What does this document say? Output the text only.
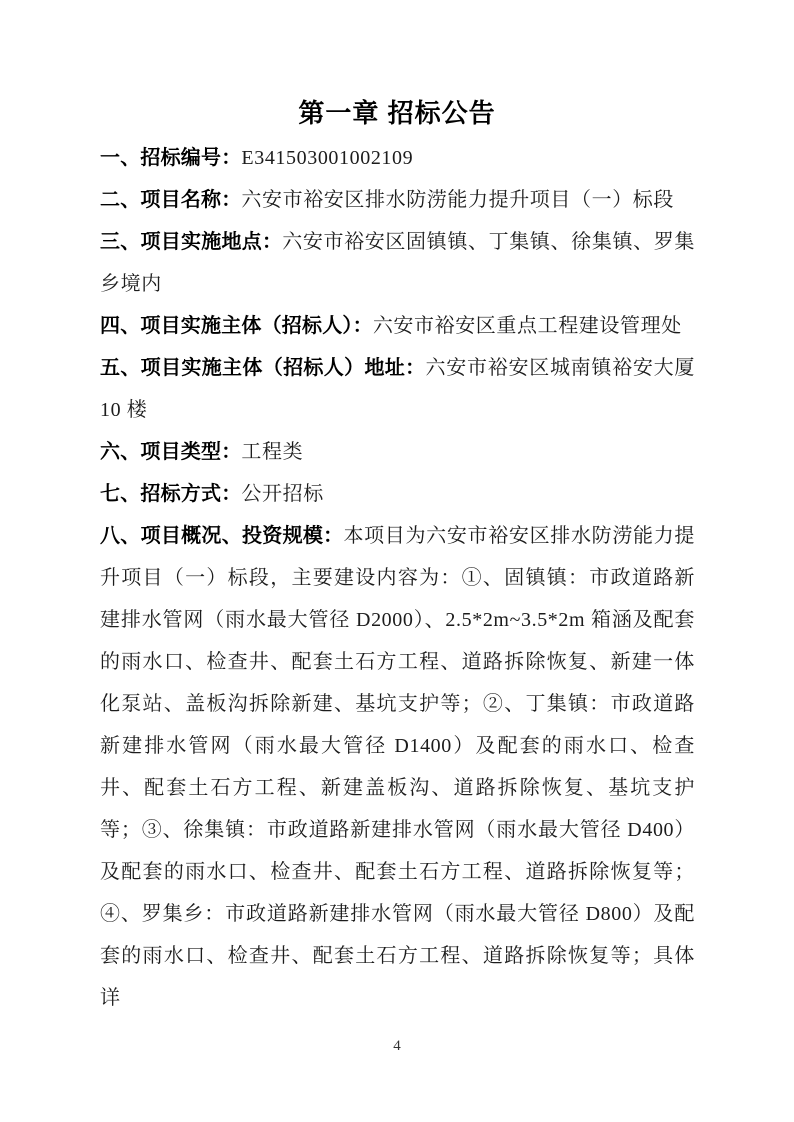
第一章 招标公告

一、招标编号：E341503001002109

二、项目名称：六安市裕安区排水防涝能力提升项目（一）标段

三、项目实施地点：六安市裕安区固镇镇、丁集镇、徐集镇、罗集乡境内

四、项目实施主体（招标人）：六安市裕安区重点工程建设管理处

五、项目实施主体（招标人）地址：六安市裕安区城南镇裕安大厦 10 楼

六、项目类型：工程类

七、招标方式：公开招标

八、项目概况、投资规模：本项目为六安市裕安区排水防涝能力提升项目（一）标段，主要建设内容为：①、固镇镇：市政道路新建排水管网（雨水最大管径 D2000）、2.5*2m~3.5*2m 箱涵及配套的雨水口、检查井、配套土石方工程、道路拆除恢复、新建一体化泵站、盖板沟拆除新建、基坑支护等；②、丁集镇：市政道路新建排水管网（雨水最大管径 D1400）及配套的雨水口、检查井、配套土石方工程、新建盖板沟、道路拆除恢复、基坑支护等；③、徐集镇：市政道路新建排水管网（雨水最大管径 D400）及配套的雨水口、检查井、配套土石方工程、道路拆除恢复等；④、罗集乡：市政道路新建排水管网（雨水最大管径 D800）及配套的雨水口、检查井、配套土石方工程、道路拆除恢复等；具体详

4
